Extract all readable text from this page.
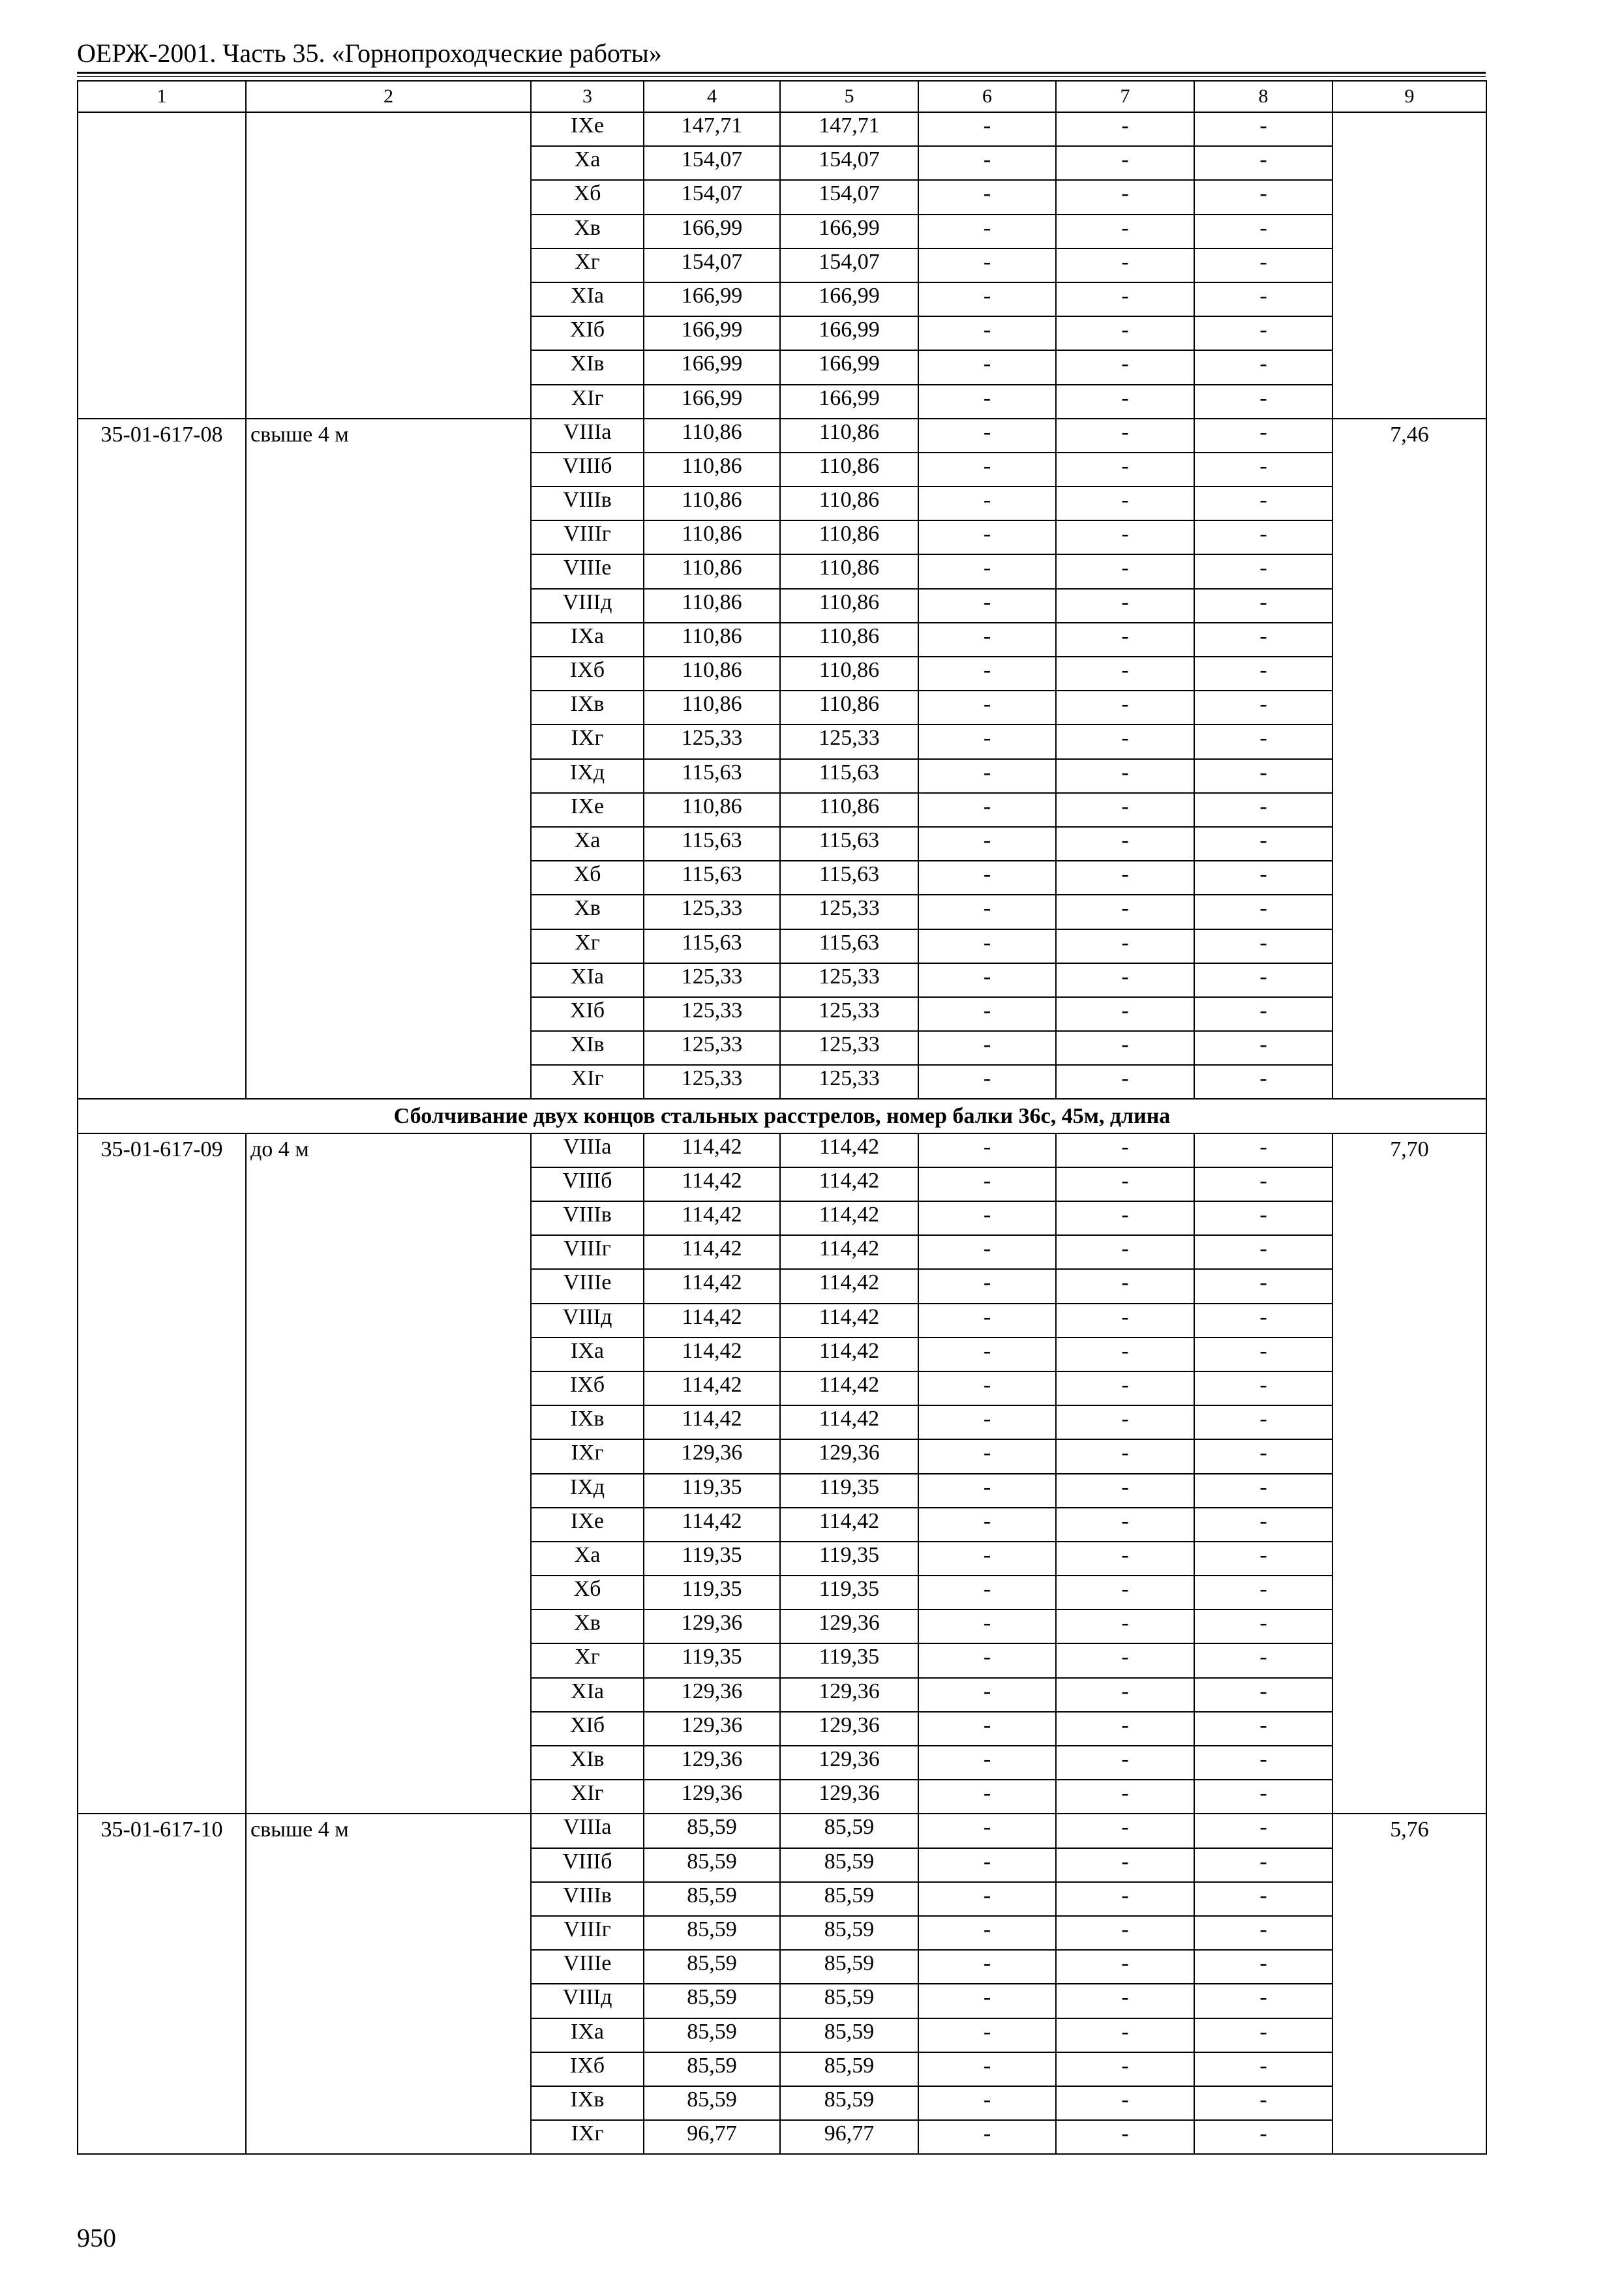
ОЕРЖ-2001. Часть 35. «Горнопроходческие работы»
1	2	3	4	5	6	7	8	9
		IXе	147,71	147,71	-	-	-	
		Xа	154,07	154,07	-	-	-	
		Xб	154,07	154,07	-	-	-	
		Xв	166,99	166,99	-	-	-	
		Xг	154,07	154,07	-	-	-	
		XIа	166,99	166,99	-	-	-	
		XIб	166,99	166,99	-	-	-	
		XIв	166,99	166,99	-	-	-	
		XIг	166,99	166,99	-	-	-	
35-01-617-08	свыше 4 м	VIIIа	110,86	110,86	-	-	-	7,46
		VIIIб	110,86	110,86	-	-	-	
		VIIIв	110,86	110,86	-	-	-	
		VIIIг	110,86	110,86	-	-	-	
		VIIIе	110,86	110,86	-	-	-	
		VIIIд	110,86	110,86	-	-	-	
		IXа	110,86	110,86	-	-	-	
		IXб	110,86	110,86	-	-	-	
		IXв	110,86	110,86	-	-	-	
		IXг	125,33	125,33	-	-	-	
		IXд	115,63	115,63	-	-	-	
		IXе	110,86	110,86	-	-	-	
		Xа	115,63	115,63	-	-	-	
		Xб	115,63	115,63	-	-	-	
		Xв	125,33	125,33	-	-	-	
		Xг	115,63	115,63	-	-	-	
		XIа	125,33	125,33	-	-	-	
		XIб	125,33	125,33	-	-	-	
		XIв	125,33	125,33	-	-	-	
		XIг	125,33	125,33	-	-	-	
Сболчивание двух концов стальных расстрелов, номер балки 36с, 45м, длина								
35-01-617-09	до 4 м	VIIIа	114,42	114,42	-	-	-	7,70
		VIIIб	114,42	114,42	-	-	-	
		VIIIв	114,42	114,42	-	-	-	
		VIIIг	114,42	114,42	-	-	-	
		VIIIе	114,42	114,42	-	-	-	
		VIIIд	114,42	114,42	-	-	-	
		IXа	114,42	114,42	-	-	-	
		IXб	114,42	114,42	-	-	-	
		IXв	114,42	114,42	-	-	-	
		IXг	129,36	129,36	-	-	-	
		IXд	119,35	119,35	-	-	-	
		IXе	114,42	114,42	-	-	-	
		Xа	119,35	119,35	-	-	-	
		Xб	119,35	119,35	-	-	-	
		Xв	129,36	129,36	-	-	-	
		Xг	119,35	119,35	-	-	-	
		XIа	129,36	129,36	-	-	-	
		XIб	129,36	129,36	-	-	-	
		XIв	129,36	129,36	-	-	-	
		XIг	129,36	129,36	-	-	-	
35-01-617-10	свыше 4 м	VIIIа	85,59	85,59	-	-	-	5,76
		VIIIб	85,59	85,59	-	-	-	
		VIIIв	85,59	85,59	-	-	-	
		VIIIг	85,59	85,59	-	-	-	
		VIIIе	85,59	85,59	-	-	-	
		VIIIд	85,59	85,59	-	-	-	
		IXа	85,59	85,59	-	-	-	
		IXб	85,59	85,59	-	-	-	
		IXв	85,59	85,59	-	-	-	
		IXг	96,77	96,77	-	-	-	
950
